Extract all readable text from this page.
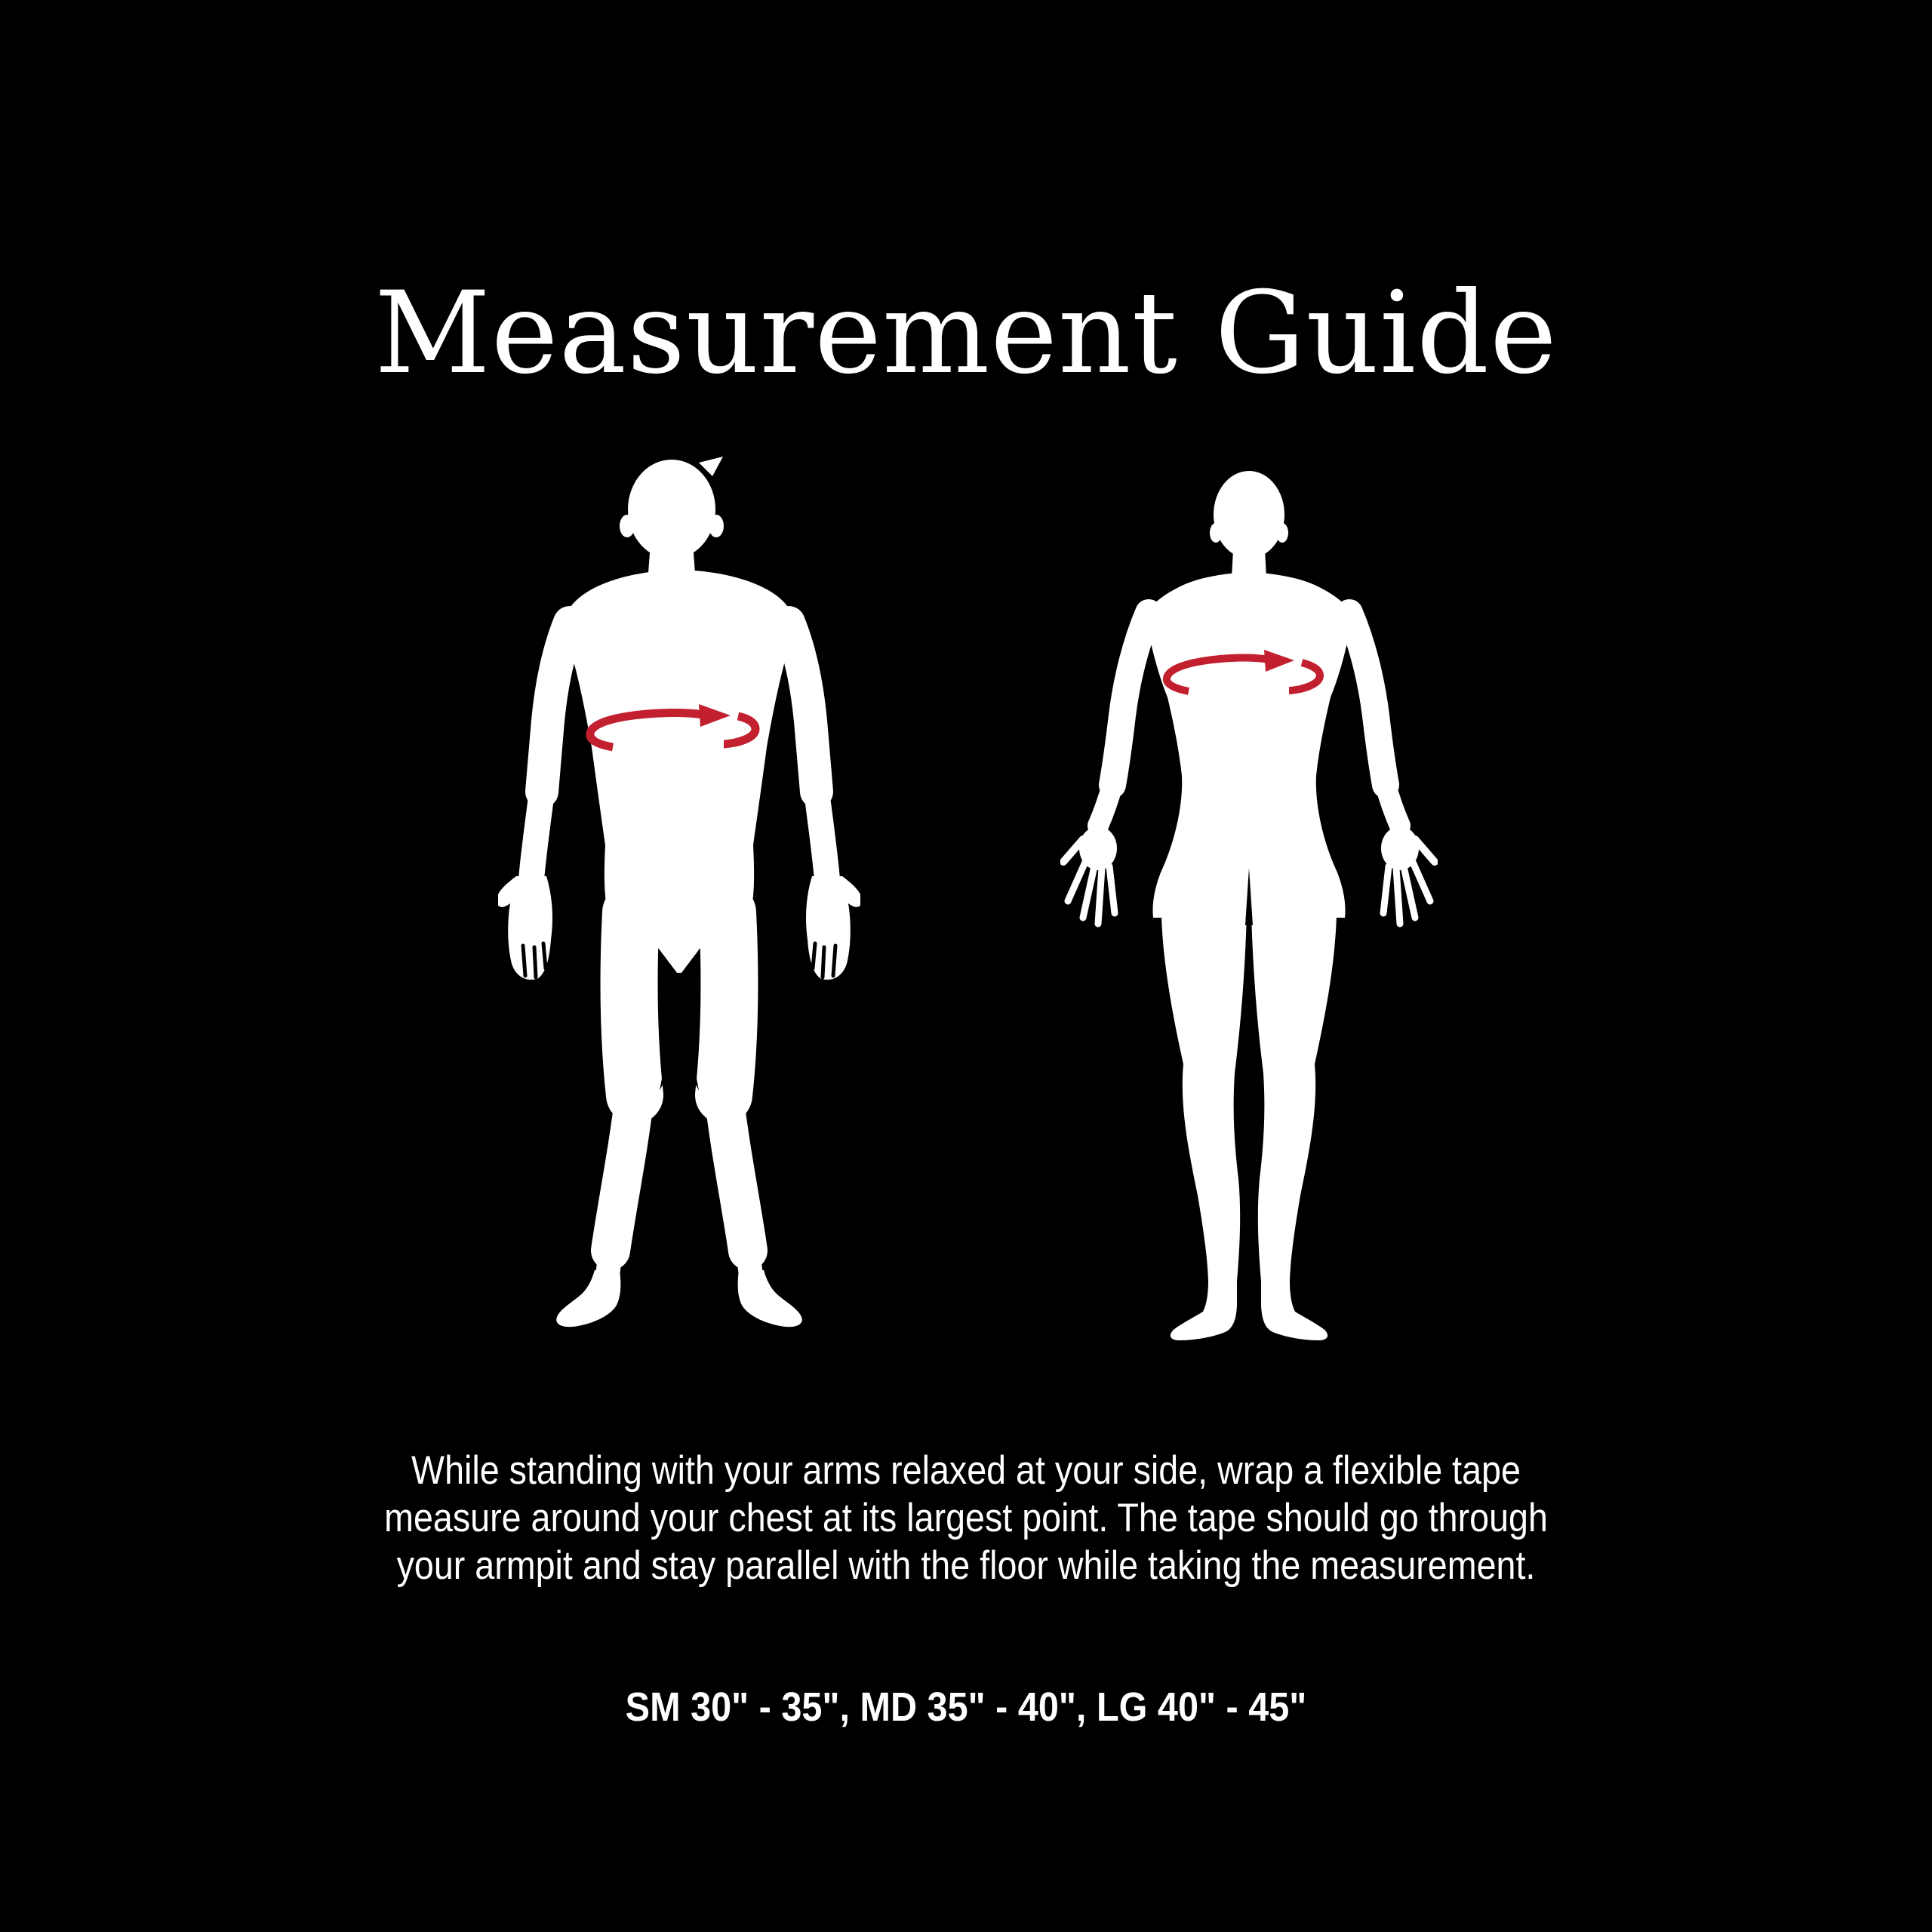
Measurement Guide
While standing with your arms relaxed at your side, wrap a flexible tape
measure around your chest at its largest point. The tape should go through
your armpit and stay parallel with the floor while taking the measurement.
SM 30" - 35", MD 35" - 40", LG 40" - 45"
